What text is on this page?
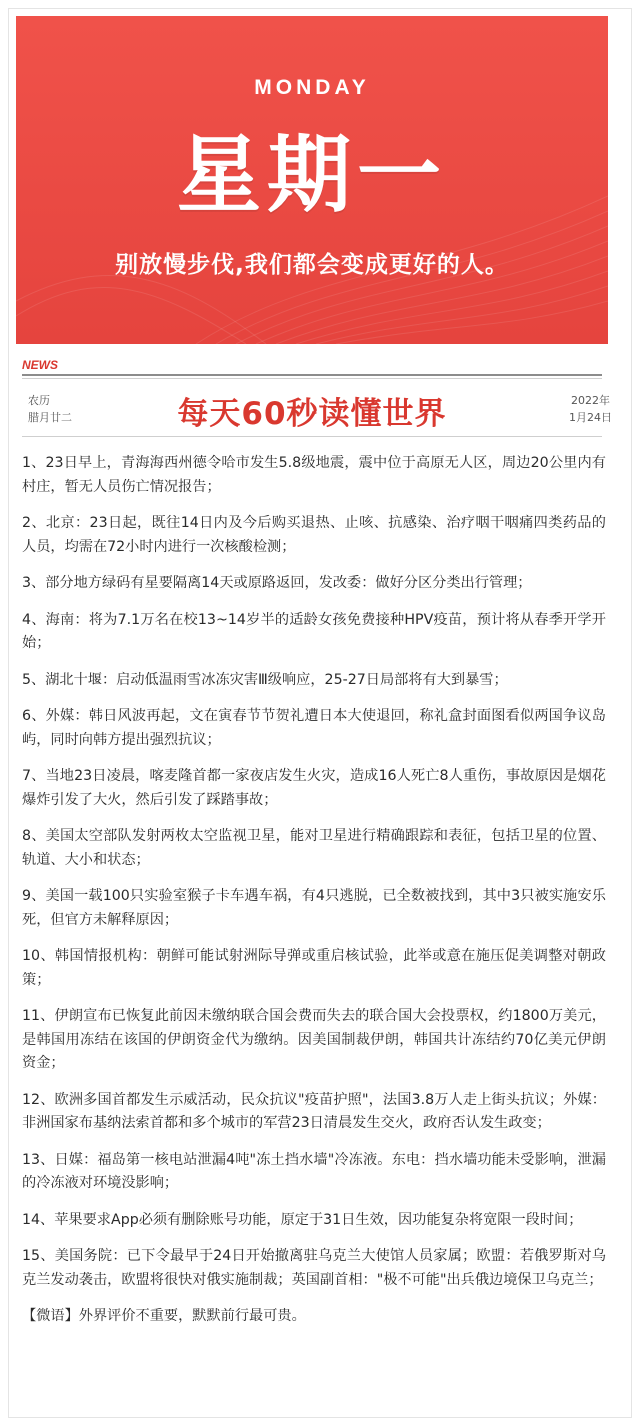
MONDAY
星期一
别放慢步伐,我们都会变成更好的人。
NEWS
农历
腊月廿二	每天60秒读懂世界	2022年
1月24日

1、23日早上，青海海西州德令哈市发生5.8级地震，震中位于高原无人区，周边20公里内有村庄，暂无人员伤亡情况报告；

2、北京：23日起，既往14日内及今后购买退热、止咳、抗感染、治疗咽干咽痛四类药品的人员，均需在72小时内进行一次核酸检测；

3、部分地方绿码有星要隔离14天或原路返回，发改委：做好分区分类出行管理；

4、海南：将为7.1万名在校13~14岁半的适龄女孩免费接种HPV疫苗，预计将从春季开学开始；

5、湖北十堰：启动低温雨雪冰冻灾害Ⅲ级响应，25-27日局部将有大到暴雪；

6、外媒：韩日风波再起，文在寅春节节贺礼遭日本大使退回，称礼盒封面图看似两国争议岛屿，同时向韩方提出强烈抗议；

7、当地23日凌晨，喀麦隆首都一家夜店发生火灾，造成16人死亡8人重伤，事故原因是烟花爆炸引发了大火，然后引发了踩踏事故；

8、美国太空部队发射两枚太空监视卫星，能对卫星进行精确跟踪和表征，包括卫星的位置、轨道、大小和状态；

9、美国一载100只实验室猴子卡车遇车祸，有4只逃脱，已全数被找到，其中3只被实施安乐死，但官方未解释原因；

10、韩国情报机构：朝鲜可能试射洲际导弹或重启核试验，此举或意在施压促美调整对朝政策；

11、伊朗宣布已恢复此前因未缴纳联合国会费而失去的联合国大会投票权，约1800万美元，是韩国用冻结在该国的伊朗资金代为缴纳。因美国制裁伊朗，韩国共计冻结约70亿美元伊朗资金；

12、欧洲多国首都发生示威活动，民众抗议"疫苗护照"，法国3.8万人走上街头抗议；外媒：非洲国家布基纳法索首都和多个城市的军营23日清晨发生交火，政府否认发生政变；

13、日媒：福岛第一核电站泄漏4吨"冻土挡水墙"冷冻液。东电：挡水墙功能未受影响，泄漏的冷冻液对环境没影响；

14、苹果要求App必须有删除账号功能，原定于31日生效，因功能复杂将宽限一段时间；

15、美国务院：已下令最早于24日开始撤离驻乌克兰大使馆人员家属；欧盟：若俄罗斯对乌克兰发动袭击，欧盟将很快对俄实施制裁；英国副首相："极不可能"出兵俄边境保卫乌克兰；

【微语】外界评价不重要，默默前行最可贵。
